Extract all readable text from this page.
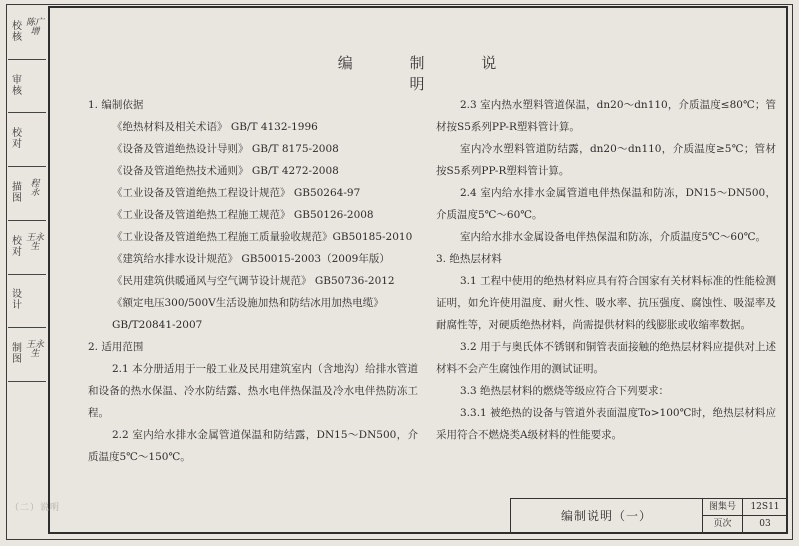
校核
陈广增
审核
校对
描图
程 永
校对
王永生
设计
制图
王永生
编 制 说 明

1. 编制依据

《绝热材料及相关术语》 GB/T 4132-1996

《设备及管道绝热设计导则》 GB/T 8175-2008

《设备及管道绝热技术通则》 GB/T 4272-2008

《工业设备及管道绝热工程设计规范》 GB50264-97

《工业设备及管道绝热工程施工规范》 GB50126-2008

《工业设备及管道绝热工程施工质量验收规范》GB50185-2010

《建筑给水排水设计规范》 GB50015-2003（2009年版）

《民用建筑供暖通风与空气调节设计规范》 GB50736-2012

《额定电压300/500V生活设施加热和防结冰用加热电缆》

GB/T20841-2007

2. 适用范围

2.1 本分册适用于一般工业及民用建筑室内（含地沟）给排水管道和设备的热水保温、冷水防结露、热水电伴热保温及冷水电伴热防冻工程。

2.2 室内给水排水金属管道保温和防结露，DN15～DN500，介质温度5℃～150℃。

2.3 室内热水塑料管道保温，dn20～dn110，介质温度≤80℃；管材按S5系列PP-R塑料管计算。

室内冷水塑料管道防结露，dn20～dn110，介质温度≥5℃；管材按S5系列PP-R塑料管计算。

2.4 室内给水排水金属管道电伴热保温和防冻，DN15～DN500，介质温度5℃～60℃。

室内给水排水金属设备电伴热保温和防冻，介质温度5℃～60℃。

3. 绝热层材料

3.1 工程中使用的绝热材料应具有符合国家有关材料标准的性能检测证明，如允许使用温度、耐火性、吸水率、抗压强度、腐蚀性、吸湿率及耐腐性等，对硬质绝热材料，尚需提供材料的线膨胀或收缩率数据。

3.2 用于与奥氏体不锈钢和铜管表面接触的绝热层材料应提供对上述材料不会产生腐蚀作用的测试证明。

3.3 绝热层材料的燃烧等级应符合下列要求：

3.3.1 被绝热的设备与管道外表面温度To>100℃时，绝热层材料应采用符合不燃烧类A级材料的性能要求。

（二）说明
编制说明（一）
图集号	12S11
页次	03
